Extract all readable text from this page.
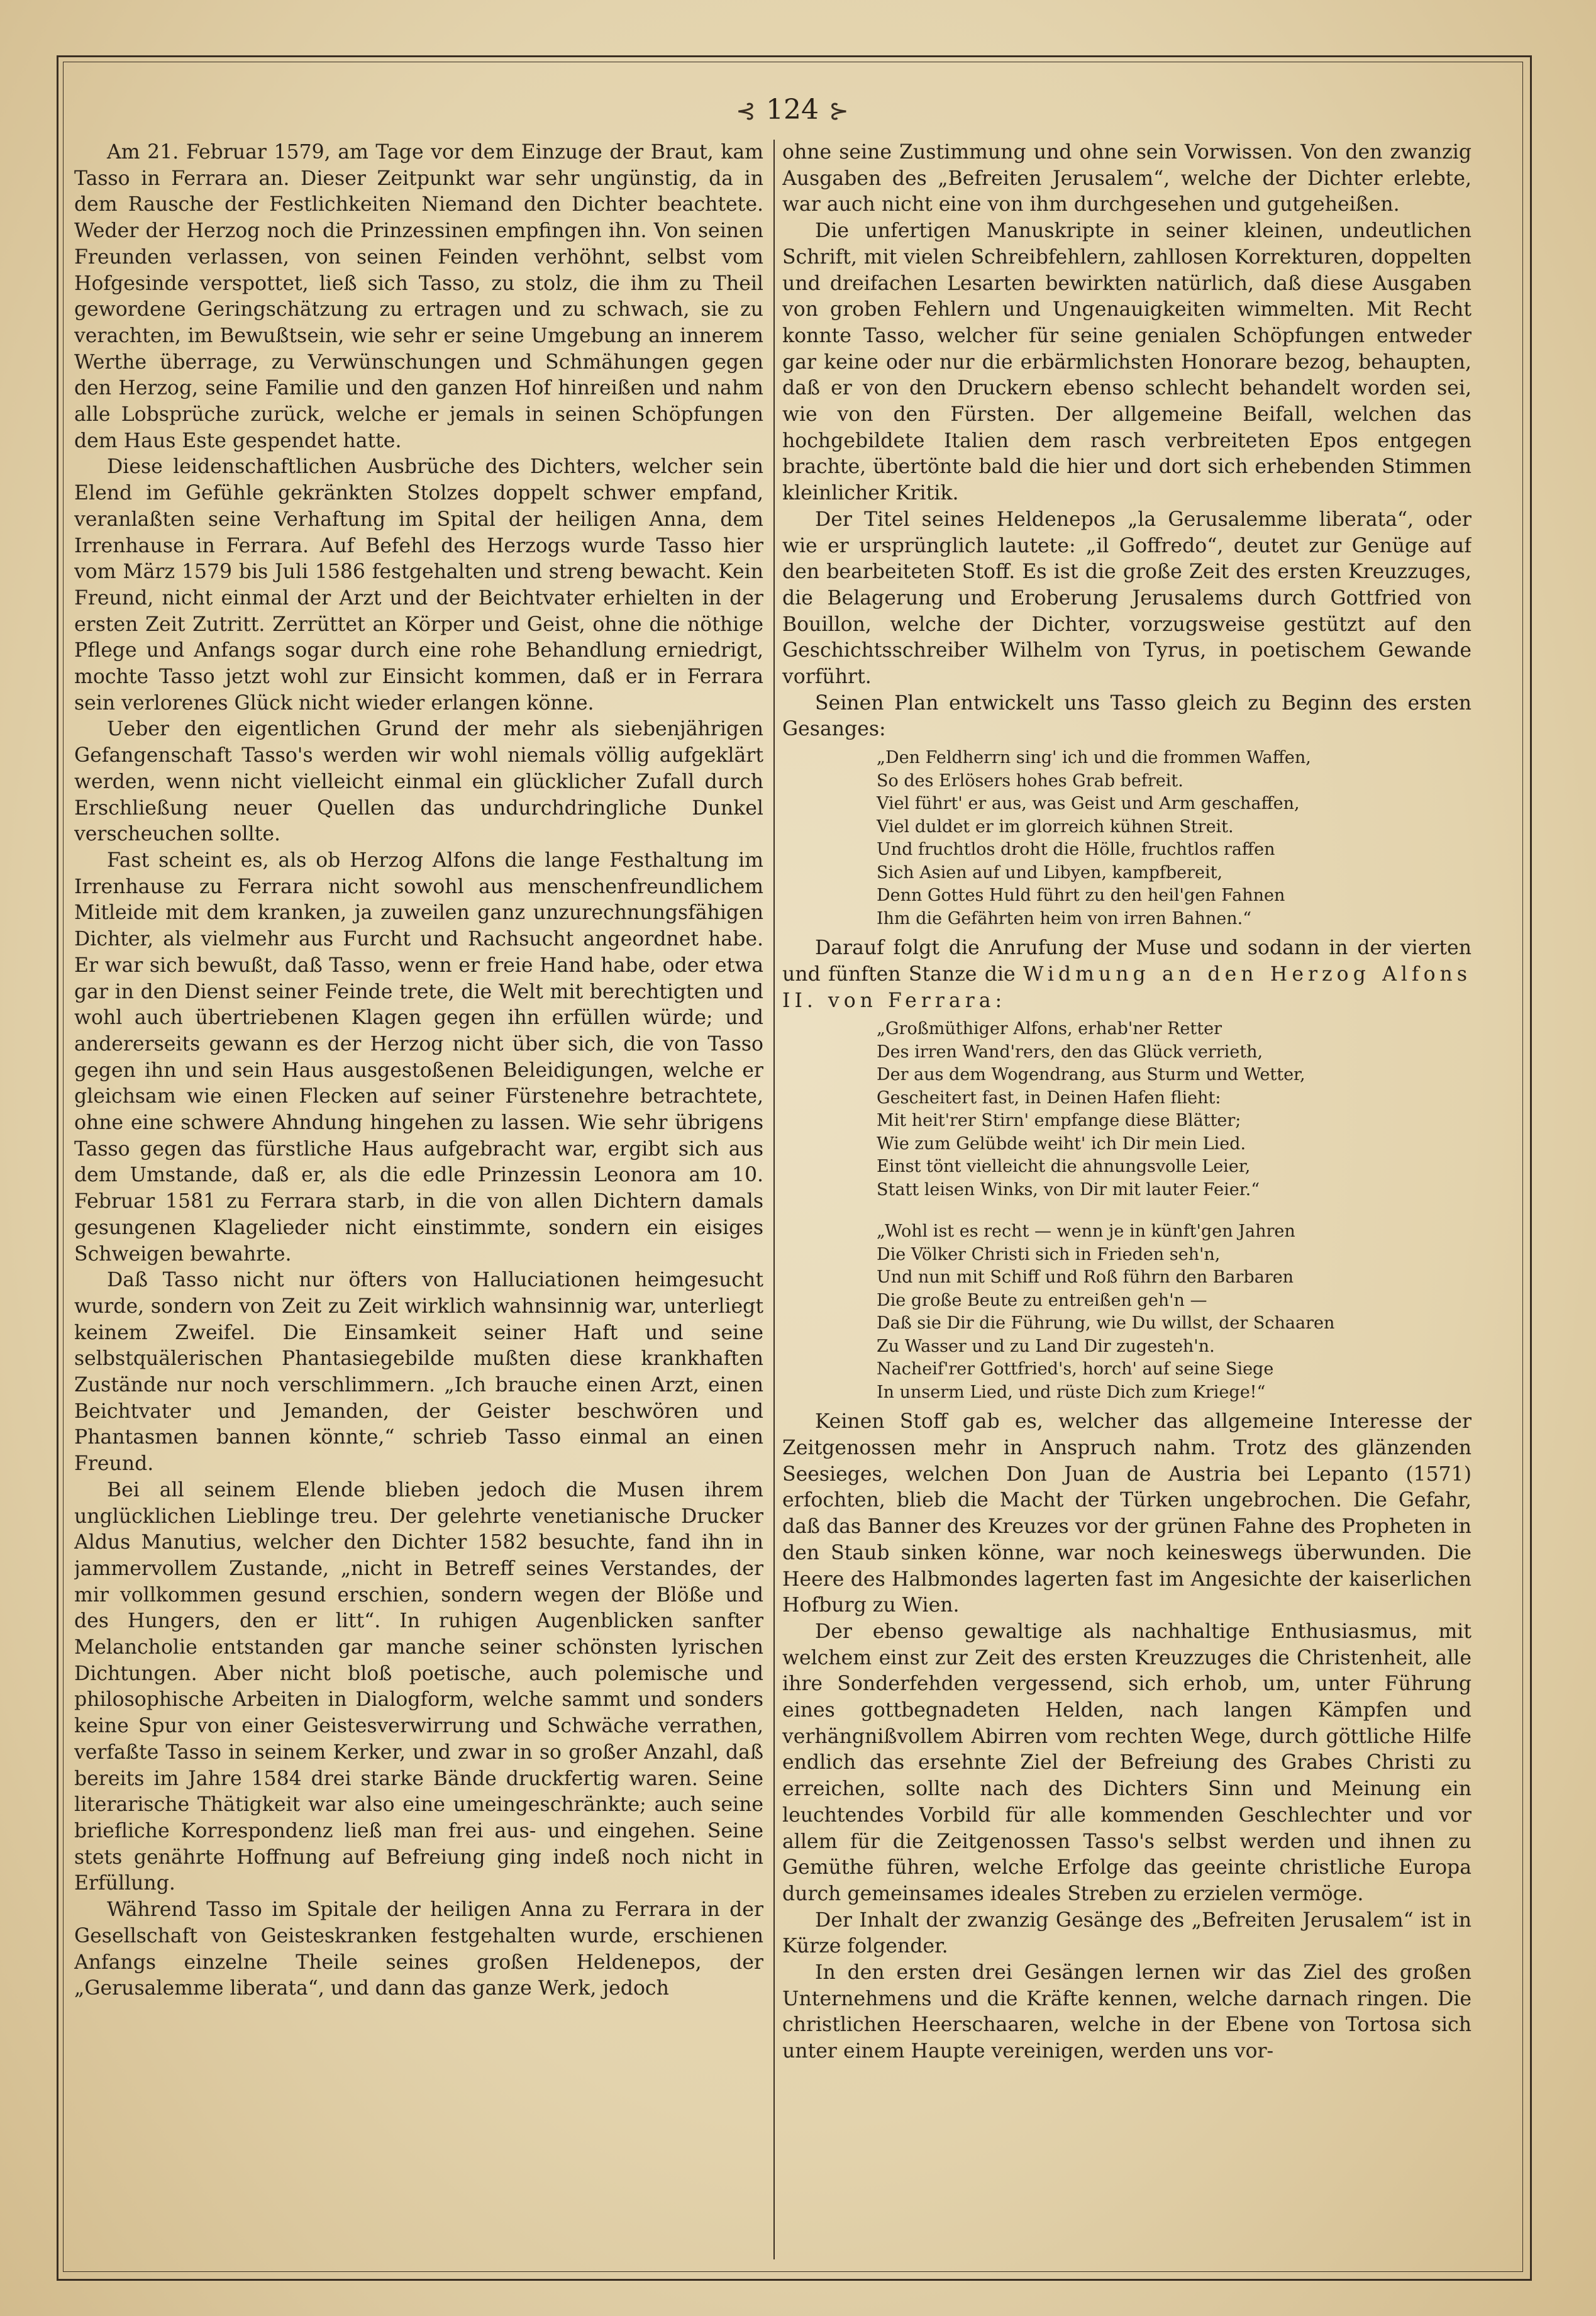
⊰ 124 ⊱

Am 21. Februar 1579, am Tage vor dem Einzuge der Braut, kam Tasso in Ferrara an. Dieser Zeitpunkt war sehr ungünstig, da in dem Rausche der Festlichkeiten Niemand den Dichter beachtete. Weder der Herzog noch die Prinzessinen empfingen ihn. Von seinen Freunden verlassen, von seinen Feinden verhöhnt, selbst vom Hofgesinde verspottet, ließ sich Tasso, zu stolz, die ihm zu Theil gewordene Geringschätzung zu ertragen und zu schwach, sie zu verachten, im Bewußtsein, wie sehr er seine Umgebung an innerem Werthe überrage, zu Verwünschungen und Schmähungen gegen den Herzog, seine Familie und den ganzen Hof hinreißen und nahm alle Lobsprüche zurück, welche er jemals in seinen Schöpfungen dem Haus Este gespendet hatte.

Diese leidenschaftlichen Ausbrüche des Dichters, welcher sein Elend im Gefühle gekränkten Stolzes doppelt schwer empfand, veranlaßten seine Verhaftung im Spital der heiligen Anna, dem Irrenhause in Ferrara. Auf Befehl des Herzogs wurde Tasso hier vom März 1579 bis Juli 1586 festgehalten und streng bewacht. Kein Freund, nicht einmal der Arzt und der Beichtvater erhielten in der ersten Zeit Zutritt. Zerrüttet an Körper und Geist, ohne die nöthige Pflege und Anfangs sogar durch eine rohe Behandlung erniedrigt, mochte Tasso jetzt wohl zur Einsicht kommen, daß er in Ferrara sein verlorenes Glück nicht wieder erlangen könne.

Ueber den eigentlichen Grund der mehr als siebenjährigen Gefangenschaft Tasso's werden wir wohl niemals völlig aufgeklärt werden, wenn nicht vielleicht einmal ein glücklicher Zufall durch Erschließung neuer Quellen das undurchdringliche Dunkel verscheuchen sollte.

Fast scheint es, als ob Herzog Alfons die lange Festhaltung im Irrenhause zu Ferrara nicht sowohl aus menschenfreundlichem Mitleide mit dem kranken, ja zuweilen ganz unzurechnungsfähigen Dichter, als vielmehr aus Furcht und Rachsucht angeordnet habe. Er war sich bewußt, daß Tasso, wenn er freie Hand habe, oder etwa gar in den Dienst seiner Feinde trete, die Welt mit berechtigten und wohl auch übertriebenen Klagen gegen ihn erfüllen würde; und andererseits gewann es der Herzog nicht über sich, die von Tasso gegen ihn und sein Haus ausgestoßenen Beleidigungen, welche er gleichsam wie einen Flecken auf seiner Fürstenehre betrachtete, ohne eine schwere Ahndung hingehen zu lassen. Wie sehr übrigens Tasso gegen das fürstliche Haus aufgebracht war, ergibt sich aus dem Umstande, daß er, als die edle Prinzessin Leonora am 10. Februar 1581 zu Ferrara starb, in die von allen Dichtern damals gesungenen Klagelieder nicht einstimmte, sondern ein eisiges Schweigen bewahrte.

Daß Tasso nicht nur öfters von Halluciationen heimgesucht wurde, sondern von Zeit zu Zeit wirklich wahnsinnig war, unterliegt keinem Zweifel. Die Einsamkeit seiner Haft und seine selbstquälerischen Phantasiegebilde mußten diese krankhaften Zustände nur noch verschlimmern. „Ich brauche einen Arzt, einen Beichtvater und Jemanden, der Geister beschwören und Phantasmen bannen könnte,“ schrieb Tasso einmal an einen Freund.

Bei all seinem Elende blieben jedoch die Musen ihrem unglücklichen Lieblinge treu. Der gelehrte venetianische Drucker Aldus Manutius, welcher den Dichter 1582 besuchte, fand ihn in jammervollem Zustande, „nicht in Betreff seines Verstandes, der mir vollkommen gesund erschien, sondern wegen der Blöße und des Hungers, den er litt“. In ruhigen Augenblicken sanfter Melancholie entstanden gar manche seiner schönsten lyrischen Dichtungen. Aber nicht bloß poetische, auch polemische und philosophische Arbeiten in Dialogform, welche sammt und sonders keine Spur von einer Geistesverwirrung und Schwäche verrathen, verfaßte Tasso in seinem Kerker, und zwar in so großer Anzahl, daß bereits im Jahre 1584 drei starke Bände druckfertig waren. Seine literarische Thätigkeit war also eine umeingeschränkte; auch seine briefliche Korrespondenz ließ man frei aus- und eingehen. Seine stets genährte Hoffnung auf Befreiung ging indeß noch nicht in Erfüllung.

Während Tasso im Spitale der heiligen Anna zu Ferrara in der Gesellschaft von Geisteskranken festgehalten wurde, erschienen Anfangs einzelne Theile seines großen Heldenepos, der „Gerusalemme liberata“, und dann das ganze Werk, jedoch

ohne seine Zustimmung und ohne sein Vorwissen. Von den zwanzig Ausgaben des „Befreiten Jerusalem“, welche der Dichter erlebte, war auch nicht eine von ihm durchgesehen und gutgeheißen.

Die unfertigen Manuskripte in seiner kleinen, undeutlichen Schrift, mit vielen Schreibfehlern, zahllosen Korrekturen, doppelten und dreifachen Lesarten bewirkten natürlich, daß diese Ausgaben von groben Fehlern und Ungenauigkeiten wimmelten. Mit Recht konnte Tasso, welcher für seine genialen Schöpfungen entweder gar keine oder nur die erbärmlichsten Honorare bezog, behaupten, daß er von den Druckern ebenso schlecht behandelt worden sei, wie von den Fürsten. Der allgemeine Beifall, welchen das hochgebildete Italien dem rasch verbreiteten Epos entgegen brachte, übertönte bald die hier und dort sich erhebenden Stimmen kleinlicher Kritik.

Der Titel seines Heldenepos „la Gerusalemme liberata“, oder wie er ursprünglich lautete: „il Goffredo“, deutet zur Genüge auf den bearbeiteten Stoff. Es ist die große Zeit des ersten Kreuzzuges, die Belagerung und Eroberung Jerusalems durch Gottfried von Bouillon, welche der Dichter, vorzugsweise gestützt auf den Geschichtsschreiber Wilhelm von Tyrus, in poetischem Gewande vorführt.

Seinen Plan entwickelt uns Tasso gleich zu Beginn des ersten Gesanges:

„Den Feldherrn sing' ich und die frommen Waffen,
So des Erlösers hohes Grab befreit.
Viel führt' er aus, was Geist und Arm geschaffen,
Viel duldet er im glorreich kühnen Streit.
Und fruchtlos droht die Hölle, fruchtlos raffen
Sich Asien auf und Libyen, kampfbereit,
Denn Gottes Huld führt zu den heil'gen Fahnen
Ihm die Gefährten heim von irren Bahnen.“

Darauf folgt die Anrufung der Muse und sodann in der vierten und fünften Stanze die Widmung an den Herzog Alfons II. von Ferrara:

„Großmüthiger Alfons, erhab'ner Retter
Des irren Wand'rers, den das Glück verrieth,
Der aus dem Wogendrang, aus Sturm und Wetter,
Gescheitert fast, in Deinen Hafen flieht:
Mit heit'rer Stirn' empfange diese Blätter;
Wie zum Gelübde weiht' ich Dir mein Lied.
Einst tönt vielleicht die ahnungsvolle Leier,
Statt leisen Winks, von Dir mit lauter Feier.“
„Wohl ist es recht — wenn je in künft'gen Jahren
Die Völker Christi sich in Frieden seh'n,
Und nun mit Schiff und Roß führn den Barbaren
Die große Beute zu entreißen geh'n —
Daß sie Dir die Führung, wie Du willst, der Schaaren
Zu Wasser und zu Land Dir zugesteh'n.
Nacheif'rer Gottfried's, horch' auf seine Siege
In unserm Lied, und rüste Dich zum Kriege!“

Keinen Stoff gab es, welcher das allgemeine Interesse der Zeitgenossen mehr in Anspruch nahm. Trotz des glänzenden Seesieges, welchen Don Juan de Austria bei Lepanto (1571) erfochten, blieb die Macht der Türken ungebrochen. Die Gefahr, daß das Banner des Kreuzes vor der grünen Fahne des Propheten in den Staub sinken könne, war noch keineswegs überwunden. Die Heere des Halbmondes lagerten fast im Angesichte der kaiserlichen Hofburg zu Wien.

Der ebenso gewaltige als nachhaltige Enthusiasmus, mit welchem einst zur Zeit des ersten Kreuzzuges die Christenheit, alle ihre Sonderfehden vergessend, sich erhob, um, unter Führung eines gottbegnadeten Helden, nach langen Kämpfen und verhängnißvollem Abirren vom rechten Wege, durch göttliche Hilfe endlich das ersehnte Ziel der Befreiung des Grabes Christi zu erreichen, sollte nach des Dichters Sinn und Meinung ein leuchtendes Vorbild für alle kommenden Geschlechter und vor allem für die Zeitgenossen Tasso's selbst werden und ihnen zu Gemüthe führen, welche Erfolge das geeinte christliche Europa durch gemeinsames ideales Streben zu erzielen vermöge.

Der Inhalt der zwanzig Gesänge des „Befreiten Jerusalem“ ist in Kürze folgender.

In den ersten drei Gesängen lernen wir das Ziel des großen Unternehmens und die Kräfte kennen, welche darnach ringen. Die christlichen Heerschaaren, welche in der Ebene von Tortosa sich unter einem Haupte vereinigen, werden uns vor-
